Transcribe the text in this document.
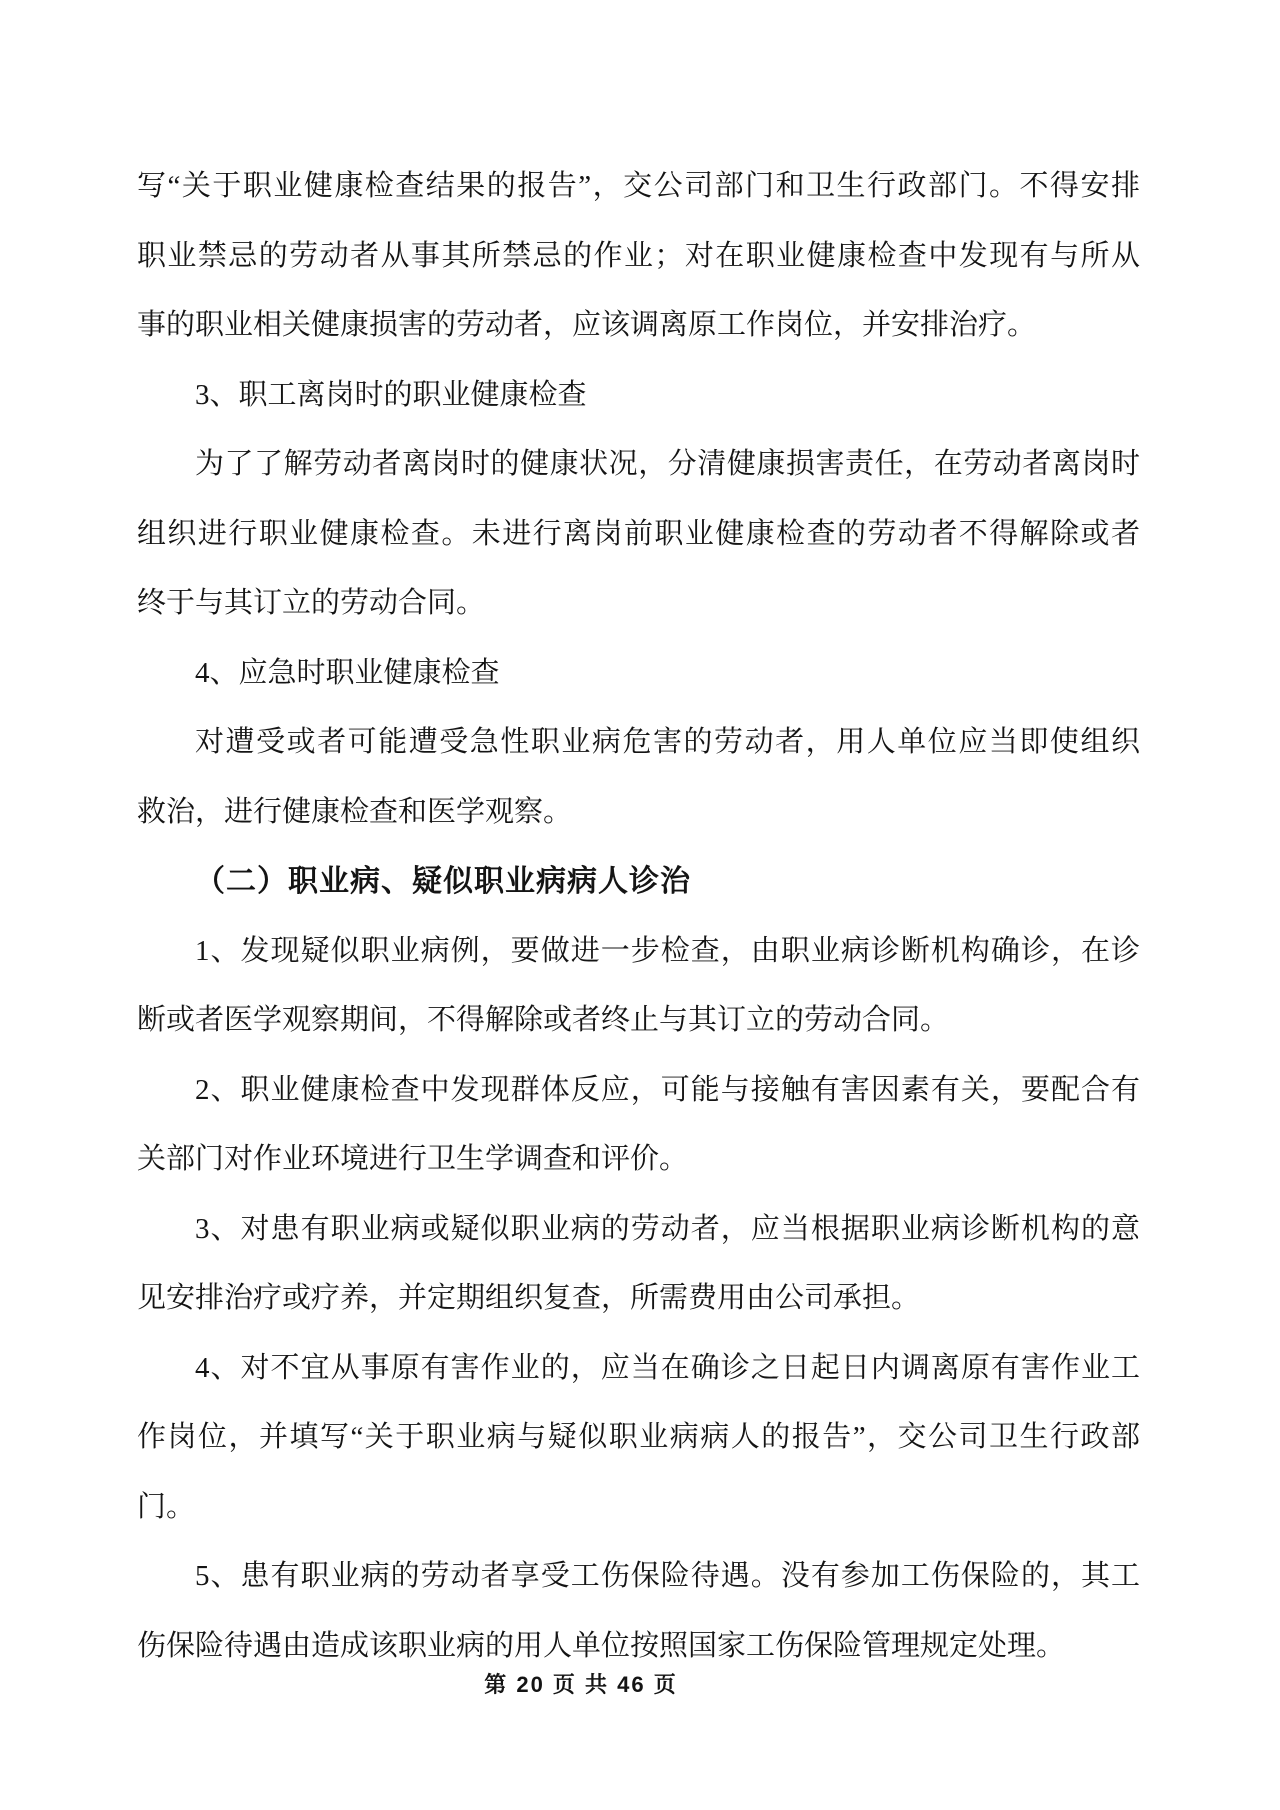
写“关于职业健康检查结果的报告”，交公司部门和卫生行政部门。不得安排
职业禁忌的劳动者从事其所禁忌的作业；对在职业健康检查中发现有与所从
事的职业相关健康损害的劳动者，应该调离原工作岗位，并安排治疗。
3、职工离岗时的职业健康检查
为了了解劳动者离岗时的健康状况，分清健康损害责任，在劳动者离岗时
组织进行职业健康检查。未进行离岗前职业健康检查的劳动者不得解除或者
终于与其订立的劳动合同。
4、应急时职业健康检查
对遭受或者可能遭受急性职业病危害的劳动者，用人单位应当即使组织
救治，进行健康检查和医学观察。
（二）职业病、疑似职业病病人诊治
1、发现疑似职业病例，要做进一步检查，由职业病诊断机构确诊，在诊
断或者医学观察期间，不得解除或者终止与其订立的劳动合同。
2、职业健康检查中发现群体反应，可能与接触有害因素有关，要配合有
关部门对作业环境进行卫生学调查和评价。
3、对患有职业病或疑似职业病的劳动者，应当根据职业病诊断机构的意
见安排治疗或疗养，并定期组织复查，所需费用由公司承担。
4、对不宜从事原有害作业的，应当在确诊之日起日内调离原有害作业工
作岗位，并填写“关于职业病与疑似职业病病人的报告”，交公司卫生行政部
门。
5、患有职业病的劳动者享受工伤保险待遇。没有参加工伤保险的，其工
伤保险待遇由造成该职业病的用人单位按照国家工伤保险管理规定处理。
第 20 页 共 46 页
